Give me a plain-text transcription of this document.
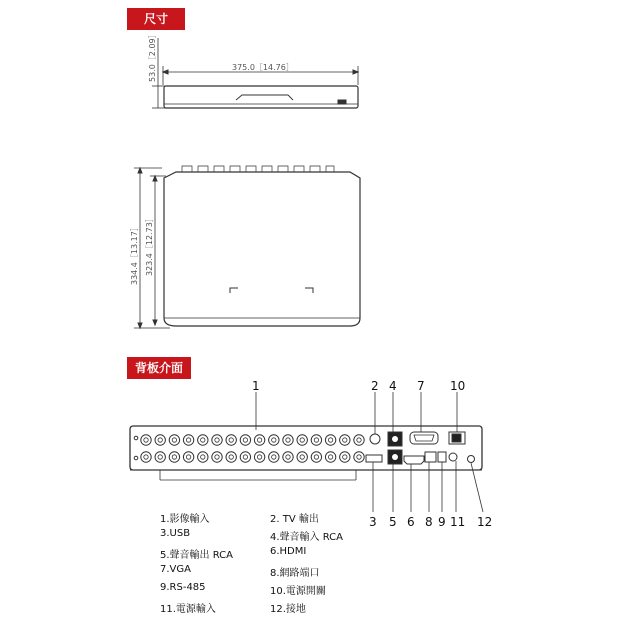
尺寸
背板介面
375.0［14.76］
53.0［2.09］
334.4［13.17］ 323.4［12.73］
1	2 4 7 10
3 5 6 8 9 11 12
1.影像輸入	2. TV 輸出
3.USB	4.聲音輸入 RCA
5.聲音輸出 RCA	6.HDMI
7.VGA	8.網路端口
9.RS-485	10.電源開關
11.電源輸入	12.接地
